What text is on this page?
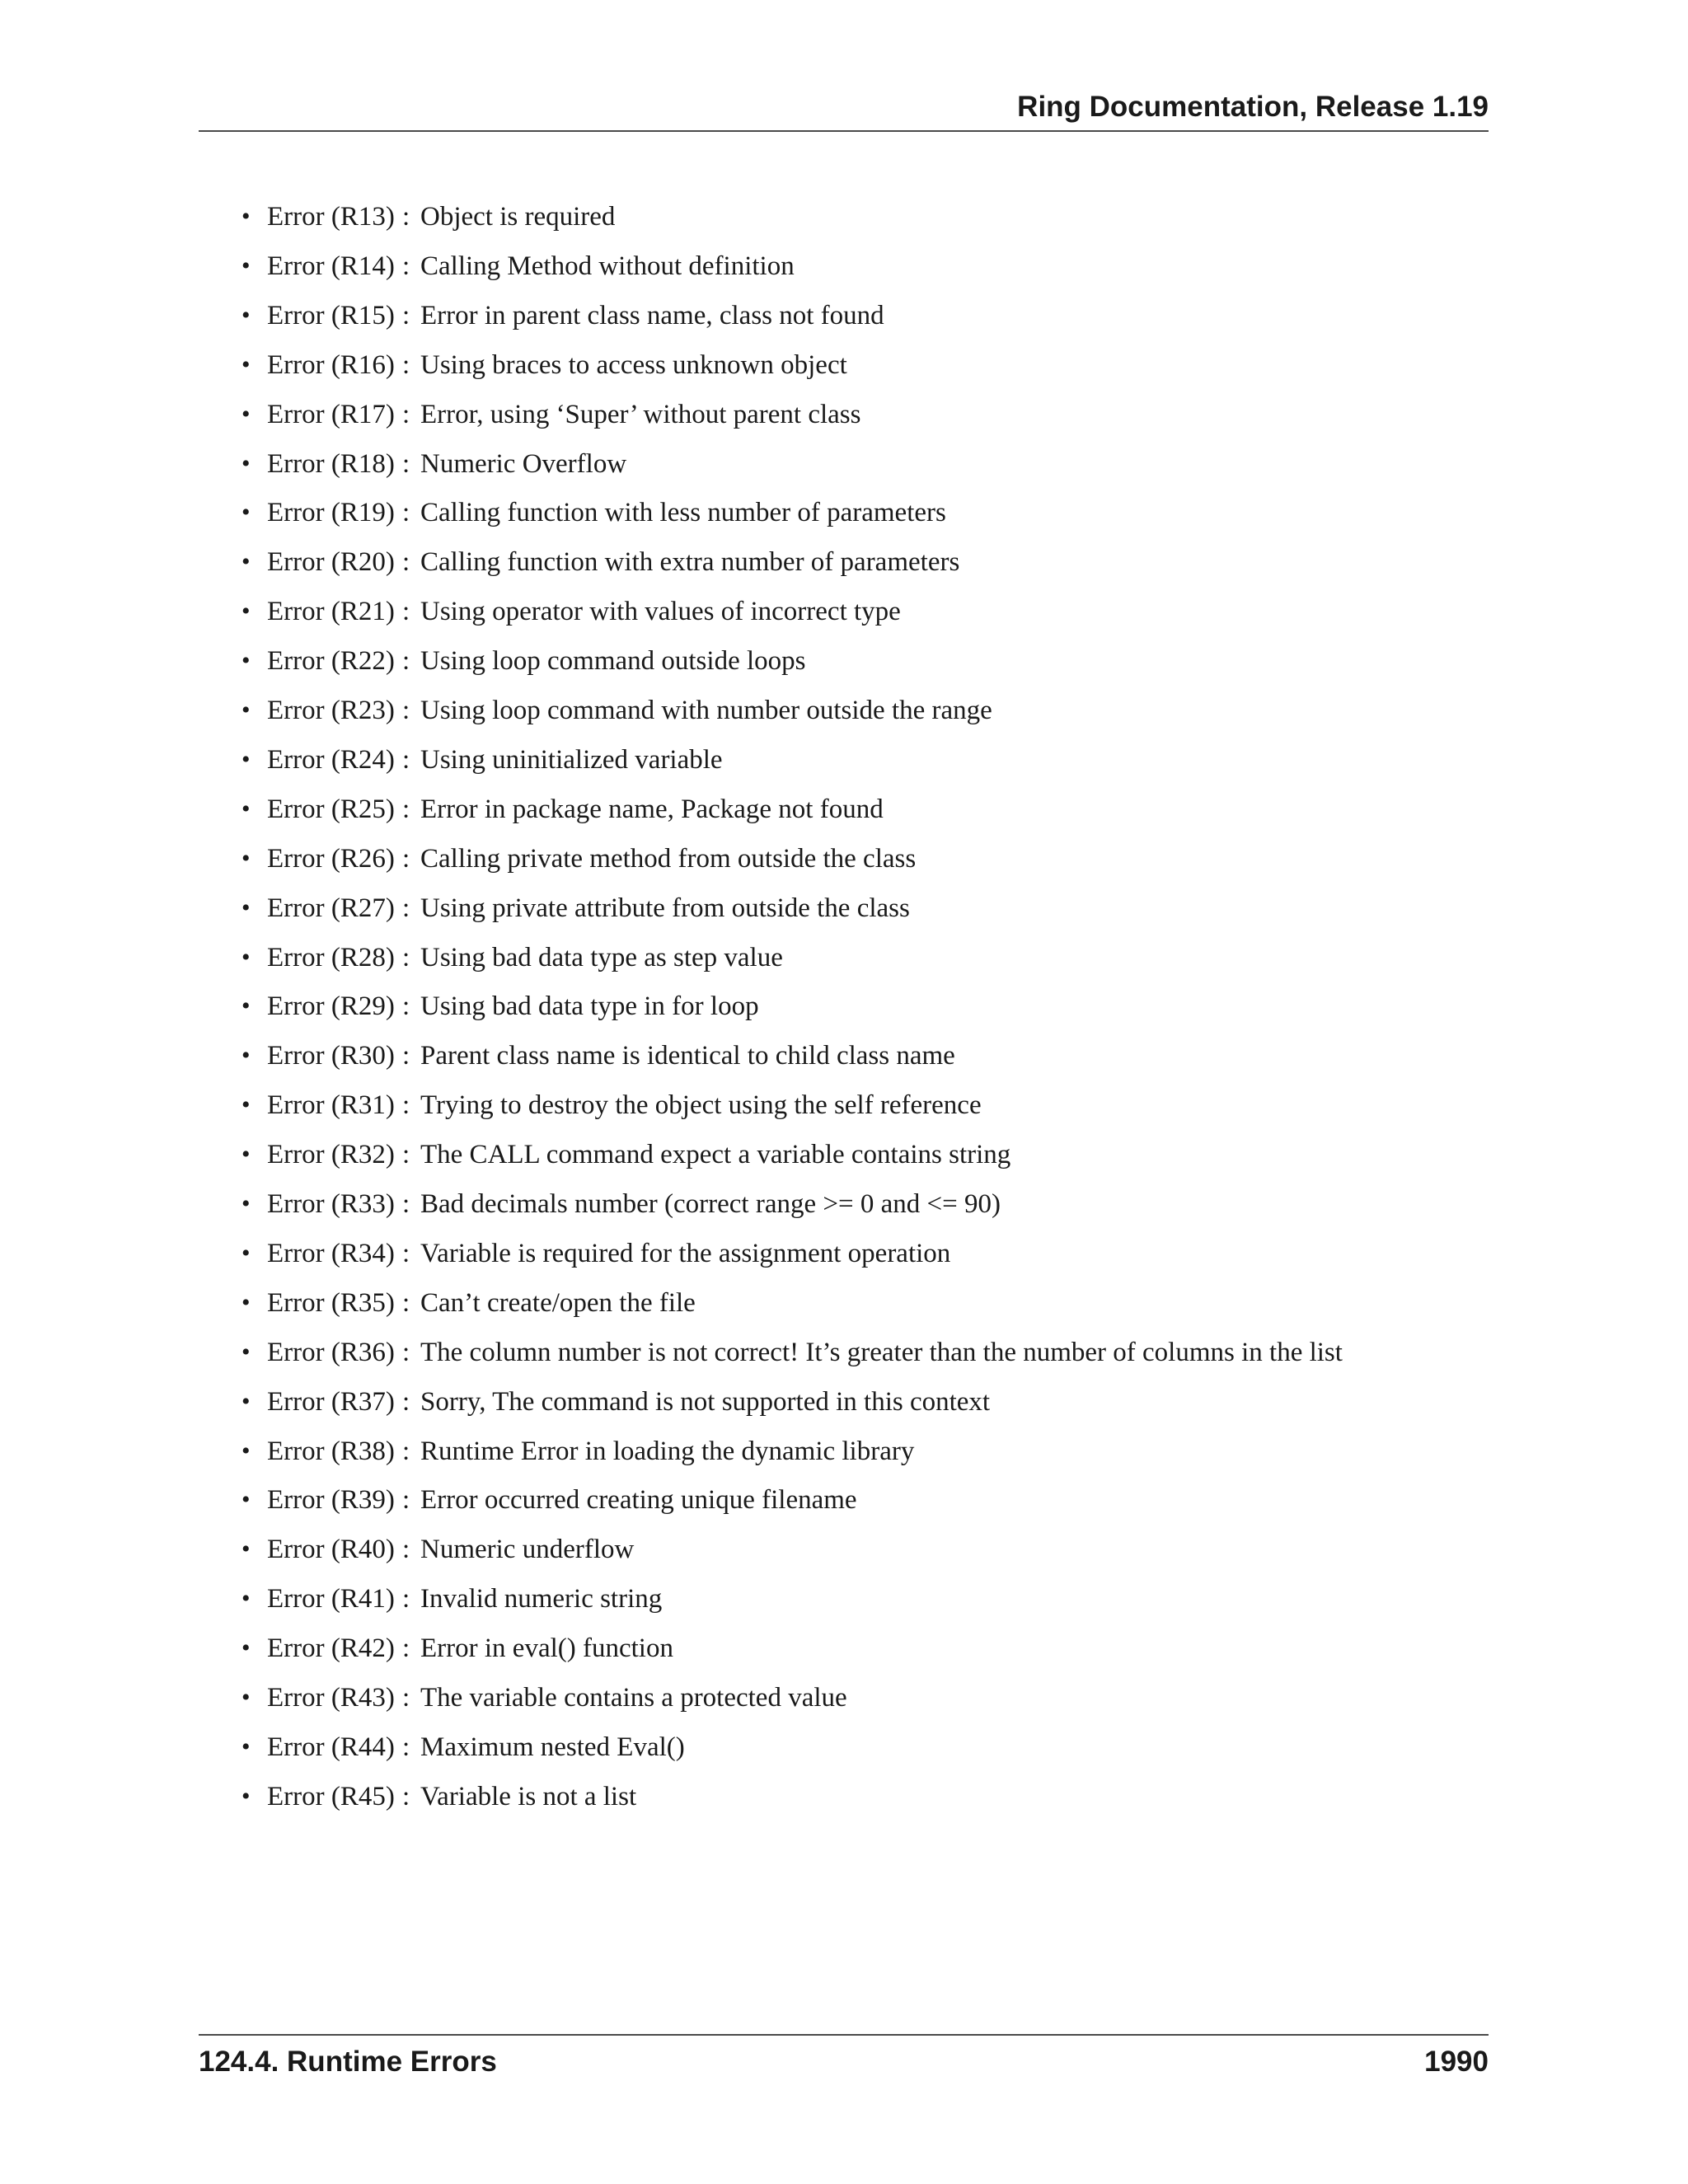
Ring Documentation, Release 1.19
• Error (R13) : Object is required
• Error (R14) : Calling Method without definition
• Error (R15) : Error in parent class name, class not found
• Error (R16) : Using braces to access unknown object
• Error (R17) : Error, using ‘Super’ without parent class
• Error (R18) : Numeric Overflow
• Error (R19) : Calling function with less number of parameters
• Error (R20) : Calling function with extra number of parameters
• Error (R21) : Using operator with values of incorrect type
• Error (R22) : Using loop command outside loops
• Error (R23) : Using loop command with number outside the range
• Error (R24) : Using uninitialized variable
• Error (R25) : Error in package name, Package not found
• Error (R26) : Calling private method from outside the class
• Error (R27) : Using private attribute from outside the class
• Error (R28) : Using bad data type as step value
• Error (R29) : Using bad data type in for loop
• Error (R30) : Parent class name is identical to child class name
• Error (R31) : Trying to destroy the object using the self reference
• Error (R32) : The CALL command expect a variable contains string
• Error (R33) : Bad decimals number (correct range >= 0 and <= 90)
• Error (R34) : Variable is required for the assignment operation
• Error (R35) : Can’t create/open the file
• Error (R36) : The column number is not correct! It’s greater than the number of columns in the list
• Error (R37) : Sorry, The command is not supported in this context
• Error (R38) : Runtime Error in loading the dynamic library
• Error (R39) : Error occurred creating unique filename
• Error (R40) : Numeric underflow
• Error (R41) : Invalid numeric string
• Error (R42) : Error in eval() function
• Error (R43) : The variable contains a protected value
• Error (R44) : Maximum nested Eval()
• Error (R45) : Variable is not a list
124.4. Runtime Errors	1990
